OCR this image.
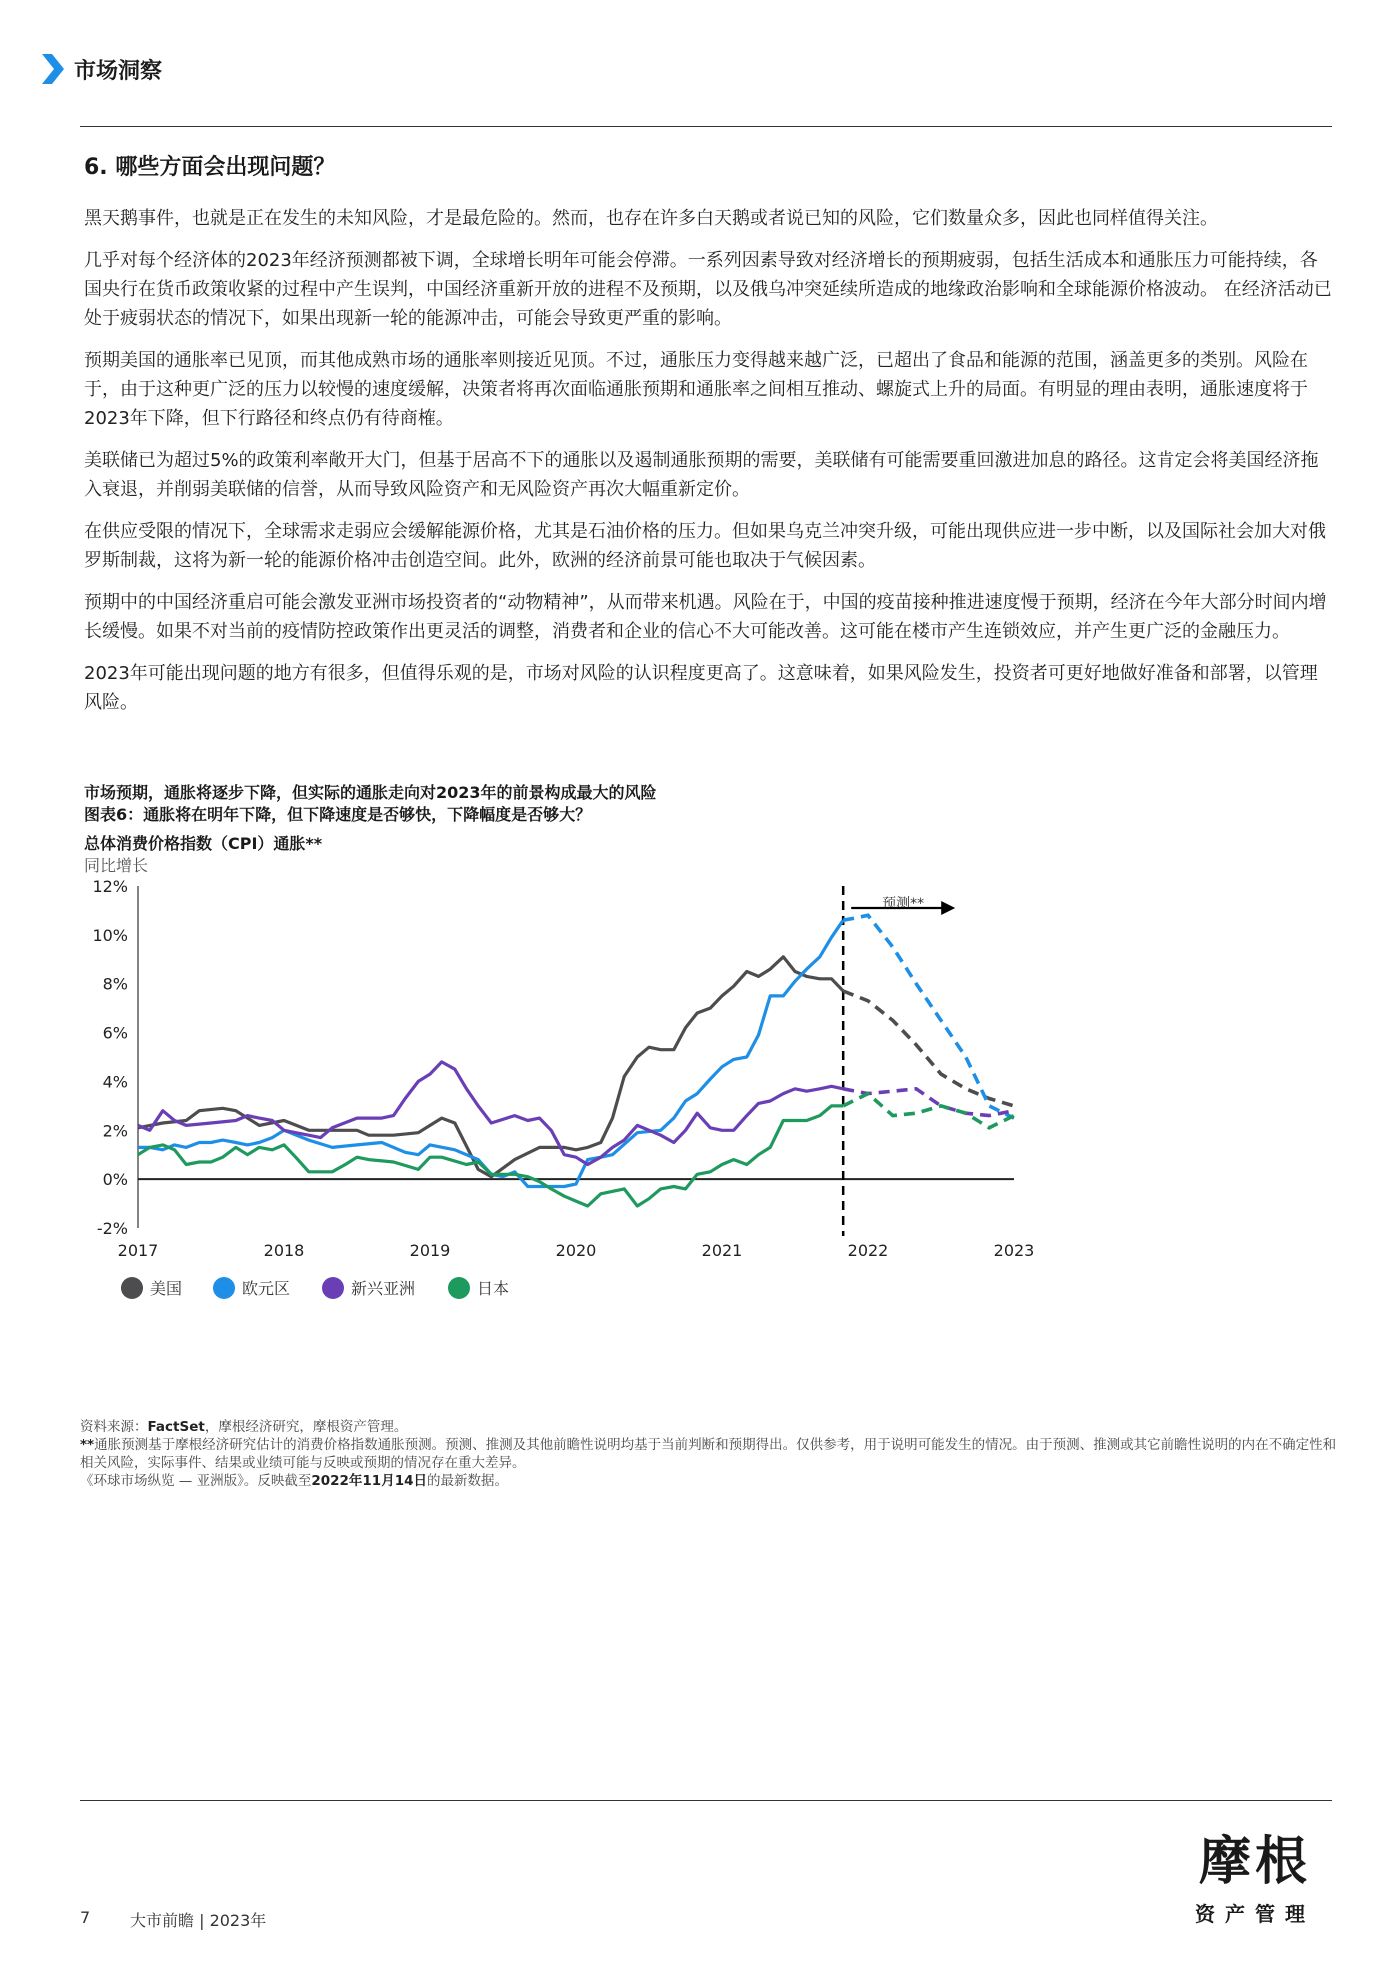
市场洞察
6. 哪些方面会出现问题？

黑天鹅事件，也就是正在发生的未知风险，才是最危险的。然而，也存在许多白天鹅或者说已知的风险，它们数量众多，因此也同样值得关注。

几乎对每个经济体的2023年经济预测都被下调，全球增长明年可能会停滞。一系列因素导致对经济增长的预期疲弱，包括生活成本和通胀压力可能持续，各国央行在货币政策收紧的过程中产生误判，中国经济重新开放的进程不及预期，以及俄乌冲突延续所造成的地缘政治影响和全球能源价格波动。 在经济活动已处于疲弱状态的情况下，如果出现新一轮的能源冲击，可能会导致更严重的影响。

预期美国的通胀率已见顶，而其他成熟市场的通胀率则接近见顶。不过，通胀压力变得越来越广泛，已超出了食品和能源的范围，涵盖更多的类别。风险在于，由于这种更广泛的压力以较慢的速度缓解，决策者将再次面临通胀预期和通胀率之间相互推动、螺旋式上升的局面。有明显的理由表明，通胀速度将于2023年下降，但下行路径和终点仍有待商榷。

美联储已为超过5%的政策利率敞开大门，但基于居高不下的通胀以及遏制通胀预期的需要，美联储有可能需要重回激进加息的路径。这肯定会将美国经济拖入衰退，并削弱美联储的信誉，从而导致风险资产和无风险资产再次大幅重新定价。

在供应受限的情况下，全球需求走弱应会缓解能源价格，尤其是石油价格的压力。但如果乌克兰冲突升级，可能出现供应进一步中断，以及国际社会加大对俄罗斯制裁，这将为新一轮的能源价格冲击创造空间。此外，欧洲的经济前景可能也取决于气候因素。

预期中的中国经济重启可能会激发亚洲市场投资者的“动物精神”，从而带来机遇。风险在于，中国的疫苗接种推进速度慢于预期，经济在今年大部分时间内增长缓慢。如果不对当前的疫情防控政策作出更灵活的调整，消费者和企业的信心不大可能改善。这可能在楼市产生连锁效应，并产生更广泛的金融压力。

2023年可能出现问题的地方有很多，但值得乐观的是，市场对风险的认识程度更高了。这意味着，如果风险发生，投资者可更好地做好准备和部署，以管理风险。

市场预期，通胀将逐步下降，但实际的通胀走向对2023年的前景构成最大的风险
图表6：通胀将在明年下降，但下降速度是否够快，下降幅度是否够大？
总体消费价格指数（CPI）通胀**
同比增长
-2%
0%
2%
4%
6%
8%
10%
12%
2017	2018	2019	2020	2021	2022	2023
预测**
美国	欧元区	新兴亚洲	日本
资料来源：FactSet，摩根经济研究，摩根资产管理。
**通胀预测基于摩根经济研究估计的消费价格指数通胀预测。预测、推测及其他前瞻性说明均基于当前判断和预期得出。仅供参考，用于说明可能发生的情况。由于预测、推测或其它前瞻性说明的内在不确定性和相关风险，实际事件、结果或业绩可能与反映或预期的情况存在重大差异。
《环球市场纵览 — 亚洲版》。反映截至2022年11月14日的最新数据。
7 大市前瞻 | 2023年
摩根
资产管理
